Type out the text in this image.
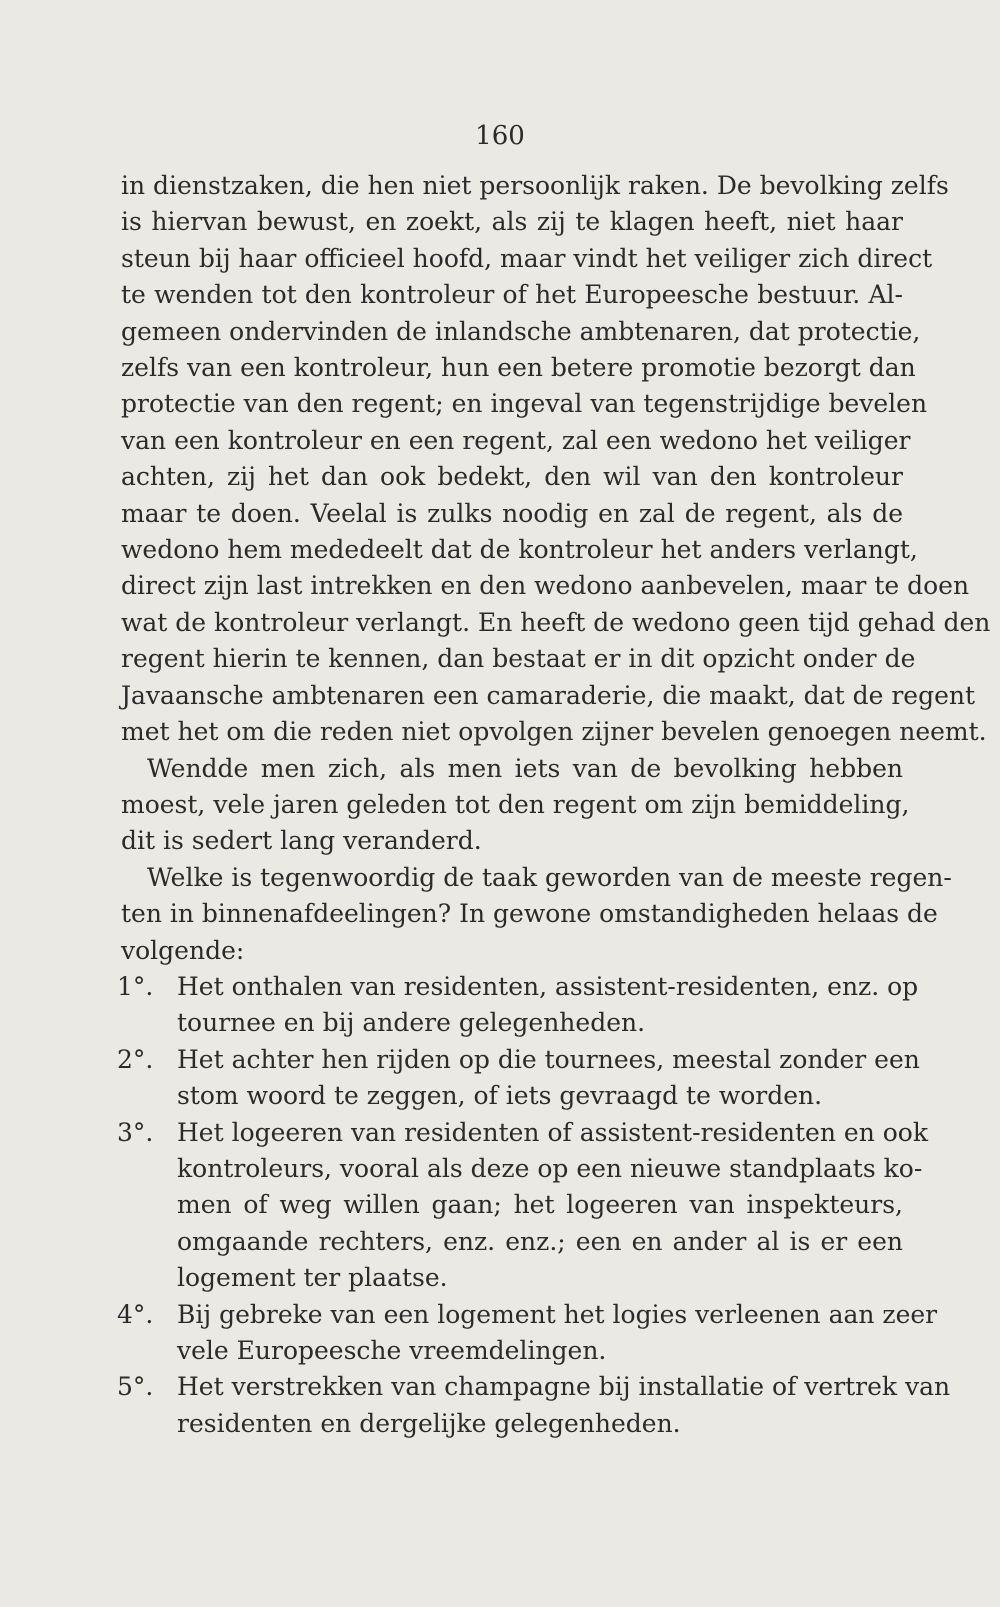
160
in dienstzaken, die hen niet persoonlijk raken. De bevolking zelfs
is hiervan bewust, en zoekt, als zij te klagen heeft, niet haar
steun bij haar officieel hoofd, maar vindt het veiliger zich direct
te wenden tot den kontroleur of het Europeesche bestuur. Al-
gemeen ondervinden de inlandsche ambtenaren, dat protectie,
zelfs van een kontroleur, hun een betere promotie bezorgt dan
protectie van den regent; en ingeval van tegenstrijdige bevelen
van een kontroleur en een regent, zal een wedono het veiliger
achten, zij het dan ook bedekt, den wil van den kontroleur
maar te doen. Veelal is zulks noodig en zal de regent, als de
wedono hem mededeelt dat de kontroleur het anders verlangt,
direct zijn last intrekken en den wedono aanbevelen, maar te doen
wat de kontroleur verlangt. En heeft de wedono geen tijd gehad den
regent hierin te kennen, dan bestaat er in dit opzicht onder de
Javaansche ambtenaren een camaraderie, die maakt, dat de regent
met het om die reden niet opvolgen zijner bevelen genoegen neemt.
Wendde men zich, als men iets van de bevolking hebben
moest, vele jaren geleden tot den regent om zijn bemiddeling,
dit is sedert lang veranderd.
Welke is tegenwoordig de taak geworden van de meeste regen-
ten in binnenafdeelingen? In gewone omstandigheden helaas de
volgende:
1°. Het onthalen van residenten, assistent-residenten, enz. op
tournee en bij andere gelegenheden.
2°. Het achter hen rijden op die tournees, meestal zonder een
stom woord te zeggen, of iets gevraagd te worden.
3°. Het logeeren van residenten of assistent-residenten en ook
kontroleurs, vooral als deze op een nieuwe standplaats ko-
men of weg willen gaan; het logeeren van inspekteurs,
omgaande rechters, enz. enz.; een en ander al is er een
logement ter plaatse.
4°. Bij gebreke van een logement het logies verleenen aan zeer
vele Europeesche vreemdelingen.
5°. Het verstrekken van champagne bij installatie of vertrek van
residenten en dergelijke gelegenheden.
